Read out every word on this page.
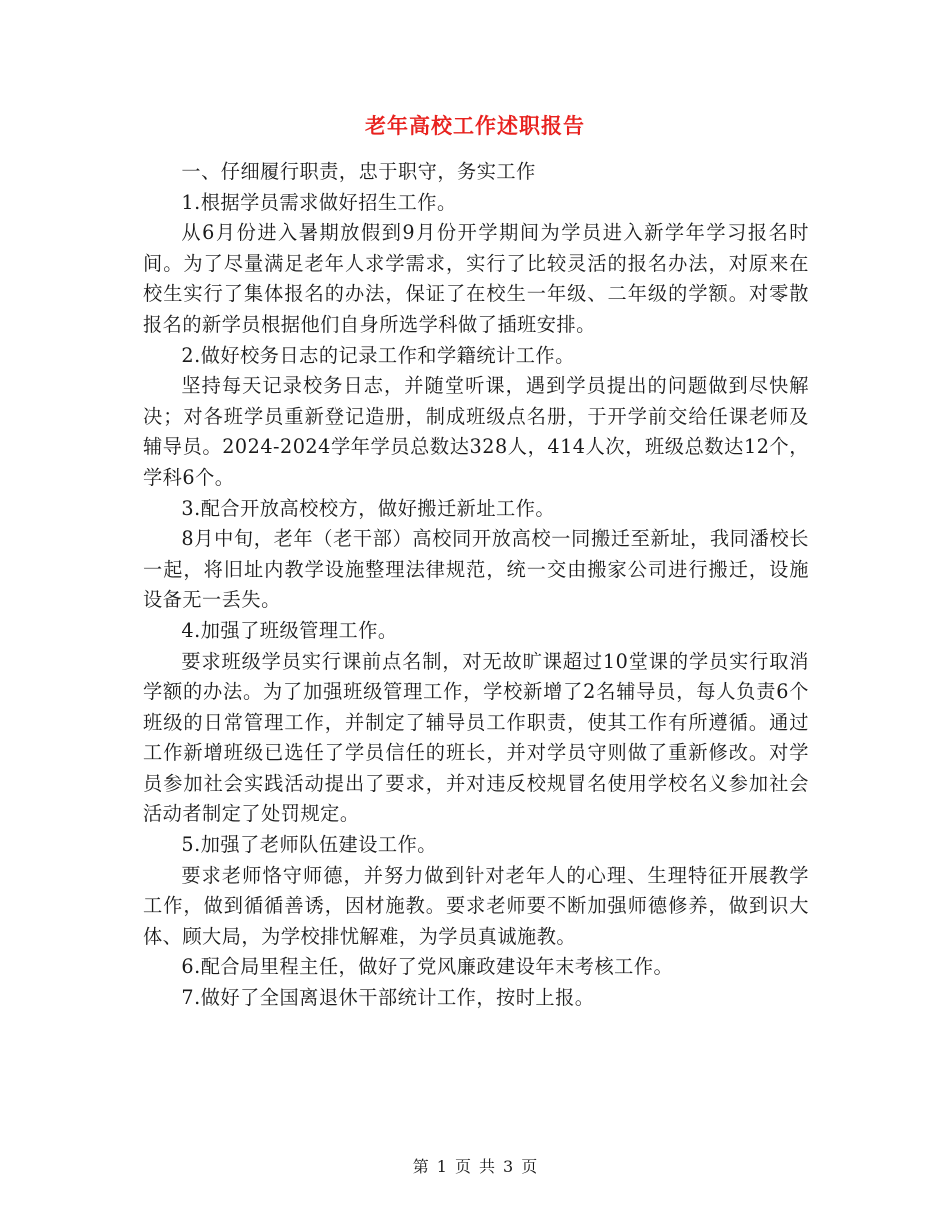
老年高校工作述职报告

一、仔细履行职责，忠于职守，务实工作

1.根据学员需求做好招生工作。

从6月份进入暑期放假到9月份开学期间为学员进入新学年学习报名时间。为了尽量满足老年人求学需求，实行了比较灵活的报名办法，对原来在校生实行了集体报名的办法，保证了在校生一年级、二年级的学额。对零散报名的新学员根据他们自身所选学科做了插班安排。

2.做好校务日志的记录工作和学籍统计工作。

坚持每天记录校务日志，并随堂听课，遇到学员提出的问题做到尽快解决；对各班学员重新登记造册，制成班级点名册，于开学前交给任课老师及辅导员。2024-2024学年学员总数达328人，414人次，班级总数达12个，学科6个。

3.配合开放高校校方，做好搬迁新址工作。

8月中旬，老年（老干部）高校同开放高校一同搬迁至新址，我同潘校长一起，将旧址内教学设施整理法律规范，统一交由搬家公司进行搬迁，设施设备无一丢失。

4.加强了班级管理工作。

要求班级学员实行课前点名制，对无故旷课超过10堂课的学员实行取消学额的办法。为了加强班级管理工作，学校新增了2名辅导员，每人负责6个班级的日常管理工作，并制定了辅导员工作职责，使其工作有所遵循。通过工作新增班级已选任了学员信任的班长，并对学员守则做了重新修改。对学员参加社会实践活动提出了要求，并对违反校规冒名使用学校名义参加社会活动者制定了处罚规定。

5.加强了老师队伍建设工作。

要求老师恪守师德，并努力做到针对老年人的心理、生理特征开展教学工作，做到循循善诱，因材施教。要求老师要不断加强师德修养，做到识大体、顾大局，为学校排忧解难，为学员真诚施教。

6.配合局里程主任，做好了党风廉政建设年末考核工作。

7.做好了全国离退休干部统计工作，按时上报。

第 1 页 共 3 页
